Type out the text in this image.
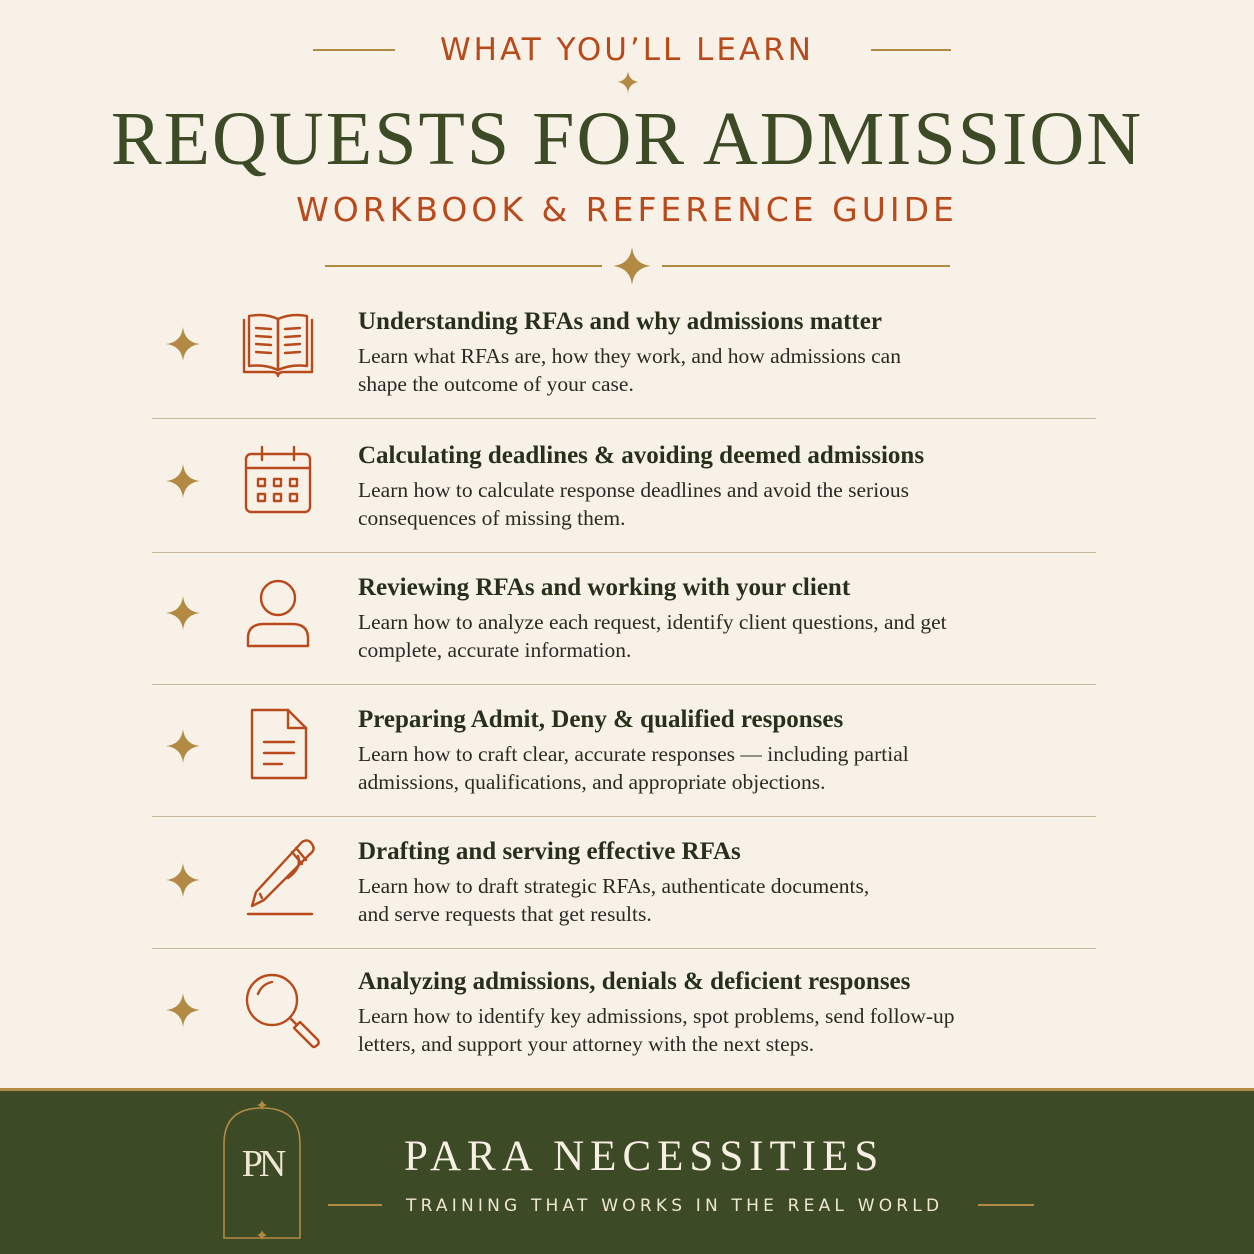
WHAT YOU’LL LEARN
REQUESTS FOR ADMISSION
WORKBOOK & REFERENCE GUIDE
Understanding RFAs and why admissions matter

Learn what RFAs are, how they work, and how admissions can
shape the outcome of your case.

Calculating deadlines & avoiding deemed admissions

Learn how to calculate response deadlines and avoid the serious
consequences of missing them.

Reviewing RFAs and working with your client

Learn how to analyze each request, identify client questions, and get
complete, accurate information.

Preparing Admit, Deny & qualified responses

Learn how to craft clear, accurate responses — including partial
admissions, qualifications, and appropriate objections.

Drafting and serving effective RFAs

Learn how to draft strategic RFAs, authenticate documents,
and serve requests that get results.

Analyzing admissions, denials & deficient responses

Learn how to identify key admissions, spot problems, send follow-up
letters, and support your attorney with the next steps.

PN	PARA NECESSITIES
TRAINING THAT WORKS IN THE REAL WORLD
